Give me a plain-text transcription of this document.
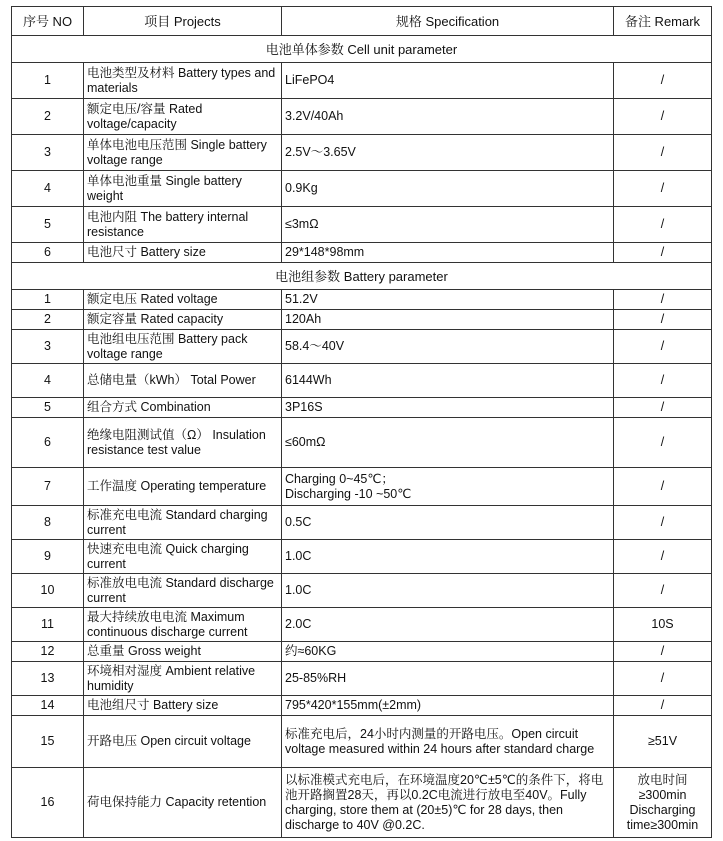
序号 NO	项目 Projects	规格 Specification	备注 Remark
电池单体参数 Cell unit parameter			
1	电池类型及材料 Battery types and materials	LiFePO4	/
2	额定电压/容量 Rated voltage/capacity	3.2V/40Ah	/
3	单体电池电压范围 Single battery voltage range	2.5V～3.65V	/
4	单体电池重量 Single battery weight	0.9Kg	/
5	电池内阻 The battery internal resistance	≤3mΩ	/
6	电池尺寸 Battery size	29*148*98mm	/
电池组参数 Battery parameter			
1	额定电压 Rated voltage	51.2V	/
2	额定容量 Rated capacity	120Ah	/
3	电池组电压范围 Battery pack voltage range	58.4～40V	/
4	总储电量（kWh） Total Power	6144Wh	/
5	组合方式 Combination	3P16S	/
6	绝缘电阻测试值（Ω） Insulation resistance test value	≤60mΩ	/
7	工作温度 Operating temperature	Charging 0~45℃；
Discharging -10 ~50℃	/
8	标准充电电流 Standard charging current	0.5C	/
9	快速充电电流 Quick charging current	1.0C	/
10	标准放电电流 Standard discharge current	1.0C	/
11	最大持续放电电流 Maximum continuous discharge current	2.0C	10S
12	总重量 Gross weight	约≈60KG	/
13	环境相对湿度 Ambient relative humidity	25-85%RH	/
14	电池组尺寸 Battery size	795*420*155mm(±2mm)	/
15	开路电压 Open circuit voltage	标准充电后，24小时内测量的开路电压。Open circuit voltage measured within 24 hours after standard charge	≥51V
16	荷电保持能力 Capacity retention	以标准模式充电后，在环境温度20℃±5℃的条件下，将电池开路搁置28天，再以0.2C电流进行放电至40V。Fully charging, store them at (20±5)℃ for 28 days, then discharge to 40V @0.2C.	放电时间≥300min Discharging time≥300min
